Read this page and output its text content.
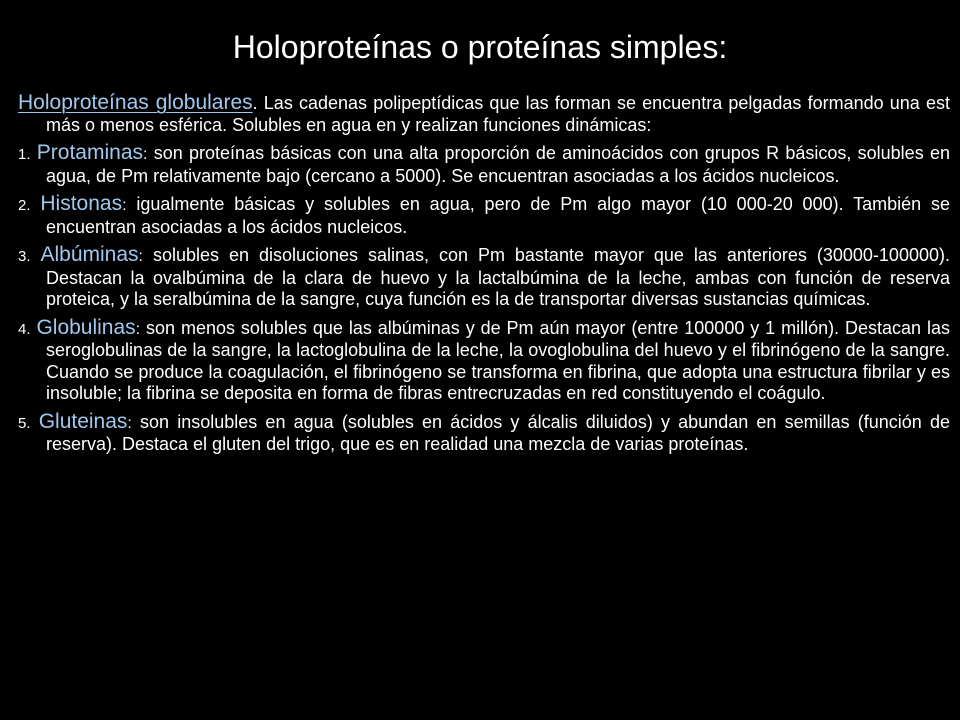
Holoproteínas o proteínas simples:

Holoproteínas globulares. Las cadenas polipeptídicas que las forman se encuentra pelgadas formando una est más o menos esférica. Solubles en agua en y realizan funciones dinámicas:

1. Protaminas: son proteínas básicas con una alta proporción de aminoácidos con grupos R básicos, solubles en agua, de Pm relativamente bajo (cercano a 5000). Se encuentran asociadas a los ácidos nucleicos.

2. Histonas: igualmente básicas y solubles en agua, pero de Pm algo mayor (10 000-20 000). También se encuentran asociadas a los ácidos nucleicos.

3. Albúminas: solubles en disoluciones salinas, con Pm bastante mayor que las anteriores (30000-100000). Destacan la ovalbúmina de la clara de huevo y la lactalbúmina de la leche, ambas con función de reserva proteica, y la seralbúmina de la sangre, cuya función es la de transportar diversas sustancias químicas.

4. Globulinas: son menos solubles que las albúminas y de Pm aún mayor (entre 100000 y 1 millón). Destacan las seroglobulinas de la sangre, la lactoglobulina de la leche, la ovoglobulina del huevo y el fibrinógeno de la sangre. Cuando se produce la coagulación, el fibrinógeno se transforma en fibrina, que adopta una estructura fibrilar y es insoluble; la fibrina se deposita en forma de fibras entrecruzadas en red constituyendo el coágulo.

5. Gluteinas: son insolubles en agua (solubles en ácidos y álcalis diluidos) y abundan en semillas (función de reserva). Destaca el gluten del trigo, que es en realidad una mezcla de varias proteínas.
